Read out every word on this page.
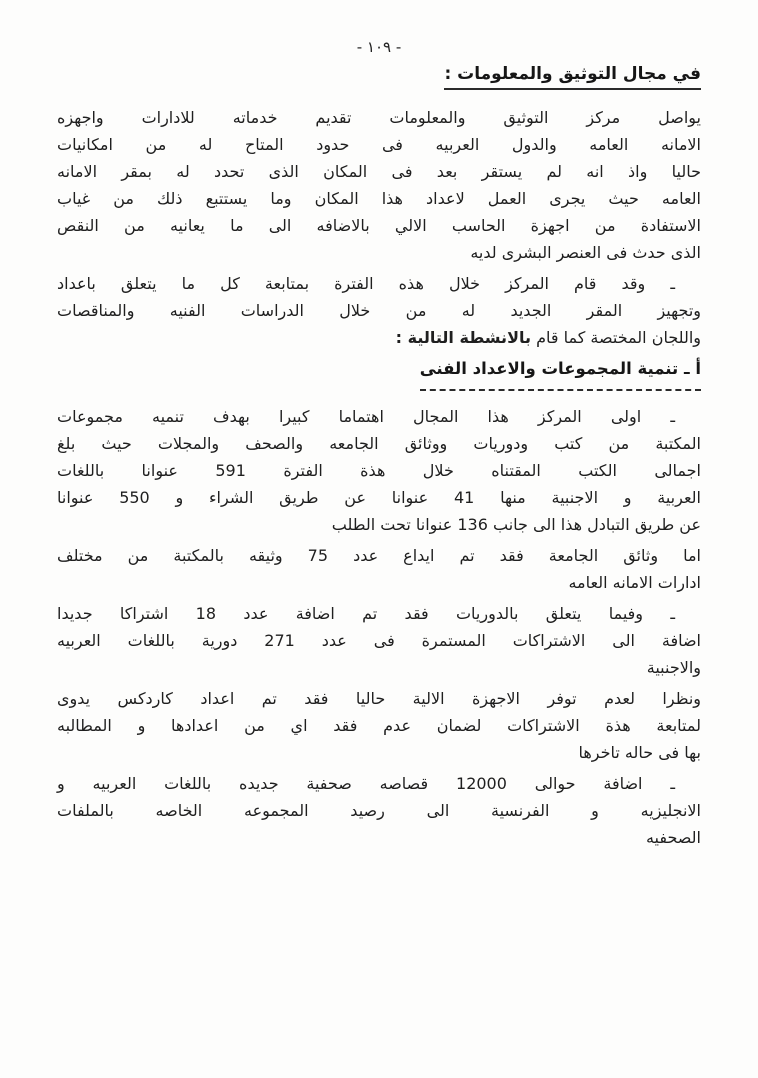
- ١٠٩ -
في مجال التوثيق والمعلومات :
يواصل مركز التوثيق والمعلومات تقديم خدماته للادارات واجهزه
الامانه العامه والدول العربيه فى حدود المتاح له من امكانيات
حاليا واذ انه لم يستقر بعد فى المكان الذى تحدد له بمقر الامانه
العامه حيث يجرى العمل لاعداد هذا المكان وما يستتبع ذلك من غياب
الاستفادة من اجهزة الحاسب الالي بالاضافه الى ما يعانيه من النقص
الذى حدث فى العنصر البشرى لديه
ـ وقد قام المركز خلال هذه الفترة بمتابعة كل ما يتعلق باعداد
وتجهيز المقر الجديد له من خلال الدراسات الفنيه والمناقصات
واللجان المختصة كما قام بالانشطة التالية :
أ ـ تنمية المجموعات والاعداد الفنى
ـ اولى المركز هذا المجال اهتماما كبيرا بهدف تنميه مجموعات
المكتبة من كتب ودوريات ووثائق الجامعه والصحف والمجلات حيث بلغ
اجمالى الكتب المقتناه خلال هذة الفترة 591 عنوانا باللغات
العربية و الاجنبية منها 41 عنوانا عن طريق الشراء و 550 عنوانا
عن طريق التبادل هذا الى جانب 136 عنوانا تحت الطلب
اما وثائق الجامعة فقد تم ايداع عدد 75 وثيقه بالمكتبة من مختلف
ادارات الامانه العامه
ـ وفيما يتعلق بالدوريات فقد تم اضافة عدد 18 اشتراكا جديدا
اضافة الى الاشتراكات المستمرة فى عدد 271 دورية باللغات العربيه
والاجنبية
ونظرا لعدم توفر الاجهزة الالية حاليا فقد تم اعداد كاردكس يدوى
لمتابعة هذة الاشتراكات لضمان عدم فقد اي من اعدادها و المطالبه
بها فى حاله تاخرها
ـ اضافة حوالى 12000 قصاصه صحفية جديده باللغات العربيه و
الانجليزيه و الفرنسية الى رصيد المجموعه الخاصه بالملفات
الصحفيه
